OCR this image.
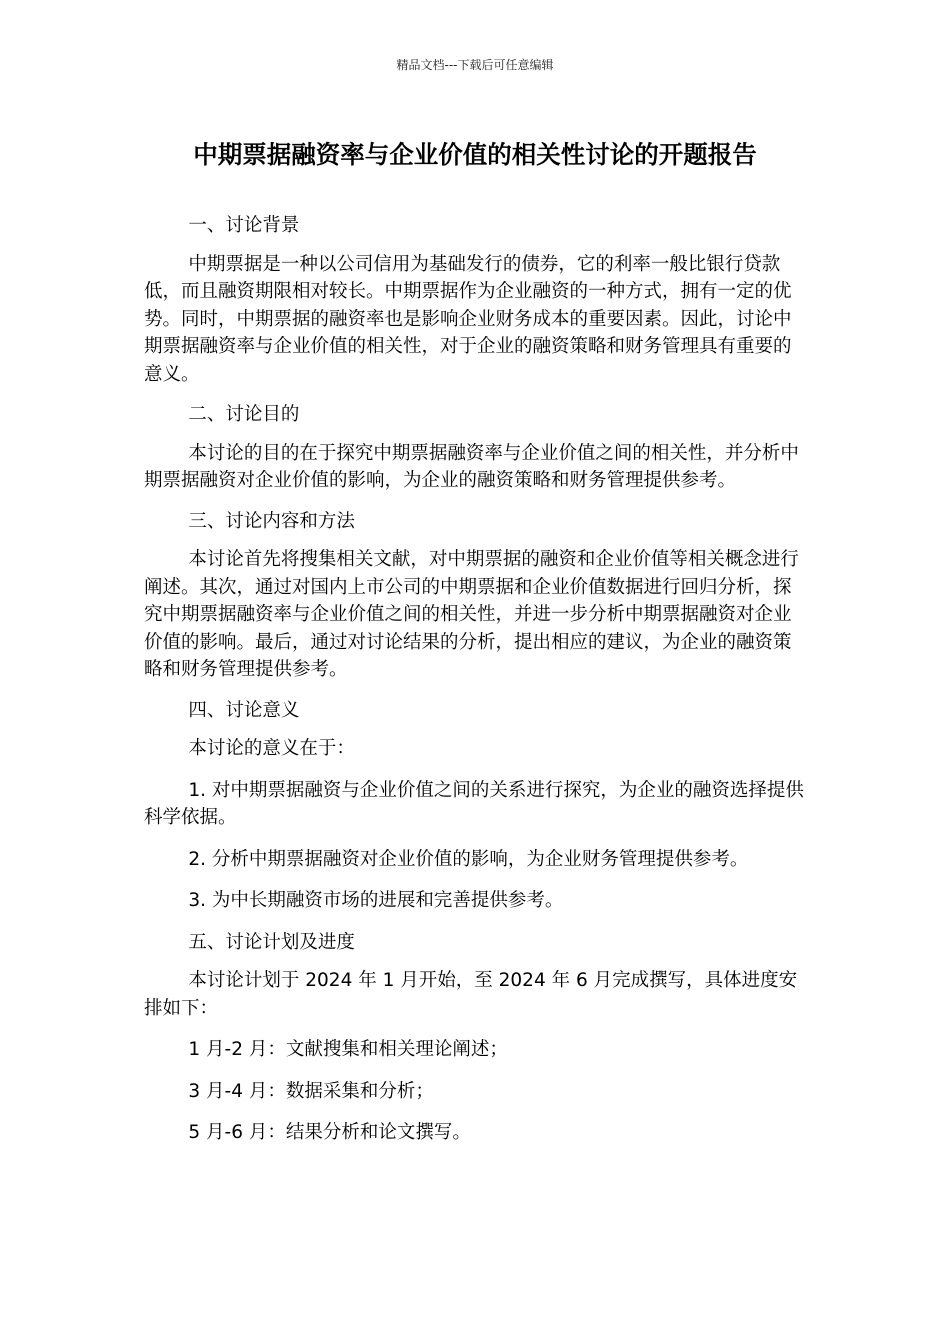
精品文档---下载后可任意编辑
中期票据融资率与企业价值的相关性讨论的开题报告

一、讨论背景

中期票据是一种以公司信用为基础发行的债券，它的利率一般比银行贷款低，而且融资期限相对较长。中期票据作为企业融资的一种方式，拥有一定的优势。同时，中期票据的融资率也是影响企业财务成本的重要因素。因此，讨论中期票据融资率与企业价值的相关性，对于企业的融资策略和财务管理具有重要的意义。

二、讨论目的

本讨论的目的在于探究中期票据融资率与企业价值之间的相关性，并分析中期票据融资对企业价值的影响，为企业的融资策略和财务管理提供参考。

三、讨论内容和方法

本讨论首先将搜集相关文献，对中期票据的融资和企业价值等相关概念进行阐述。其次，通过对国内上市公司的中期票据和企业价值数据进行回归分析，探究中期票据融资率与企业价值之间的相关性，并进一步分析中期票据融资对企业价值的影响。最后，通过对讨论结果的分析，提出相应的建议，为企业的融资策略和财务管理提供参考。

四、讨论意义

本讨论的意义在于：

1. 对中期票据融资与企业价值之间的关系进行探究，为企业的融资选择提供科学依据。

2. 分析中期票据融资对企业价值的影响，为企业财务管理提供参考。

3. 为中长期融资市场的进展和完善提供参考。

五、讨论计划及进度

本讨论计划于 2024 年 1 月开始，至 2024 年 6 月完成撰写，具体进度安排如下：

1 月-2 月：文献搜集和相关理论阐述；

3 月-4 月：数据采集和分析；

5 月-6 月：结果分析和论文撰写。
